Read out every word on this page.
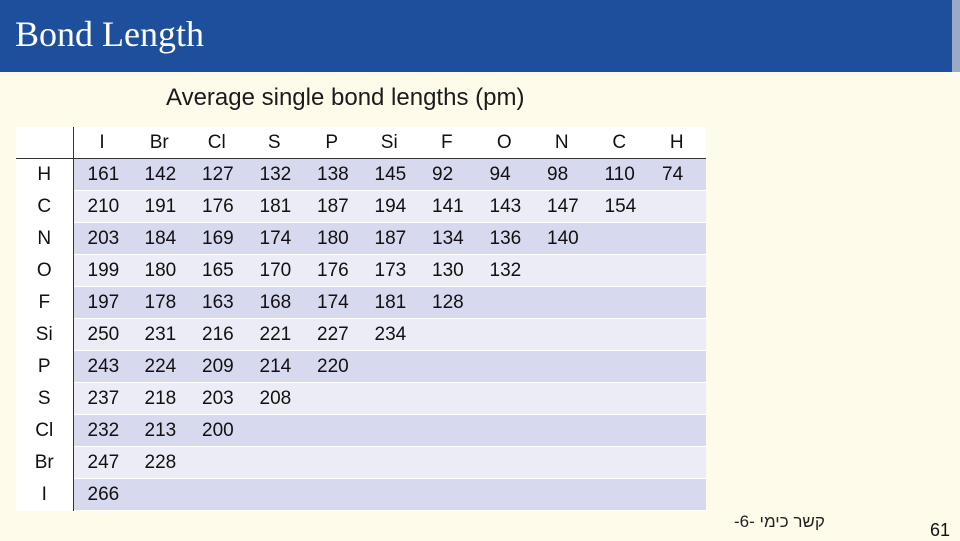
Bond Length
Average single bond lengths (pm)
	I	Br	Cl	S	P	Si	F	O	N	C	H
H	161	142	127	132	138	145	92	94	98	110	74
C	210	191	176	181	187	194	141	143	147	154	
N	203	184	169	174	180	187	134	136	140		
O	199	180	165	170	176	173	130	132			
F	197	178	163	168	174	181	128				
Si	250	231	216	221	227	234					
P	243	224	209	214	220						
S	237	218	203	208							
Cl	232	213	200								
Br	247	228									
I	266										
קשר כימי -6-	61
